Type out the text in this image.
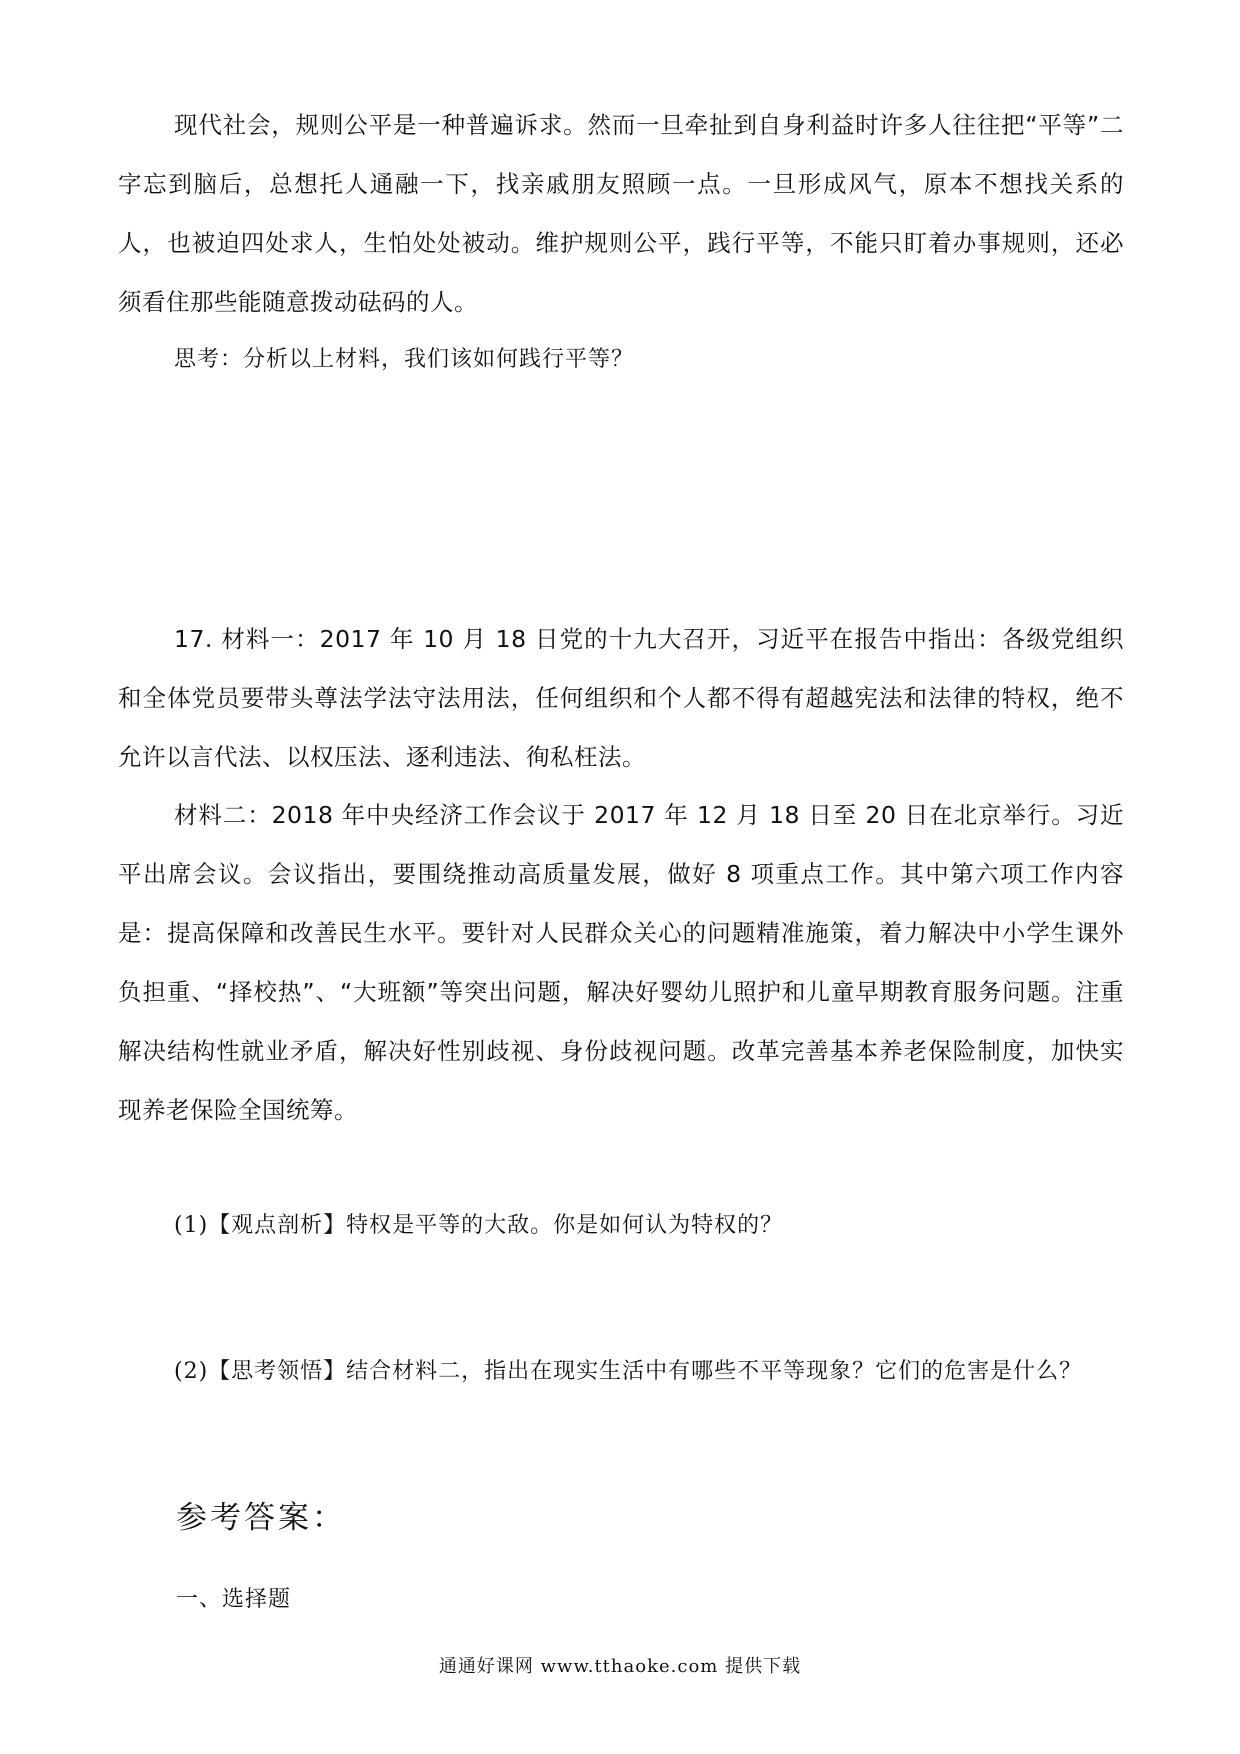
现代社会，规则公平是一种普遍诉求。然而一旦牵扯到自身利益时许多人往往把“平等”二字忘到脑后，总想托人通融一下，找亲戚朋友照顾一点。一旦形成风气，原本不想找关系的人，也被迫四处求人，生怕处处被动。维护规则公平，践行平等，不能只盯着办事规则，还必须看住那些能随意拨动砝码的人。

思考：分析以上材料，我们该如何践行平等？

17. 材料一：2017 年 10 月 18 日党的十九大召开，习近平在报告中指出：各级党组织和全体党员要带头尊法学法守法用法，任何组织和个人都不得有超越宪法和法律的特权，绝不允许以言代法、以权压法、逐利违法、徇私枉法。

材料二：2018 年中央经济工作会议于 2017 年 12 月 18 日至 20 日在北京举行。习近平出席会议。会议指出，要围绕推动高质量发展，做好 8 项重点工作。其中第六项工作内容是：提高保障和改善民生水平。要针对人民群众关心的问题精准施策，着力解决中小学生课外负担重、“择校热”、“大班额”等突出问题，解决好婴幼儿照护和儿童早期教育服务问题。注重解决结构性就业矛盾，解决好性别歧视、身份歧视问题。改革完善基本养老保险制度，加快实现养老保险全国统筹。

(1)【观点剖析】特权是平等的大敌。你是如何认为特权的？

(2)【思考领悟】结合材料二，指出在现实生活中有哪些不平等现象？它们的危害是什么？

参考答案：
一、选择题
通通好课网 www.tthaoke.com 提供下载
